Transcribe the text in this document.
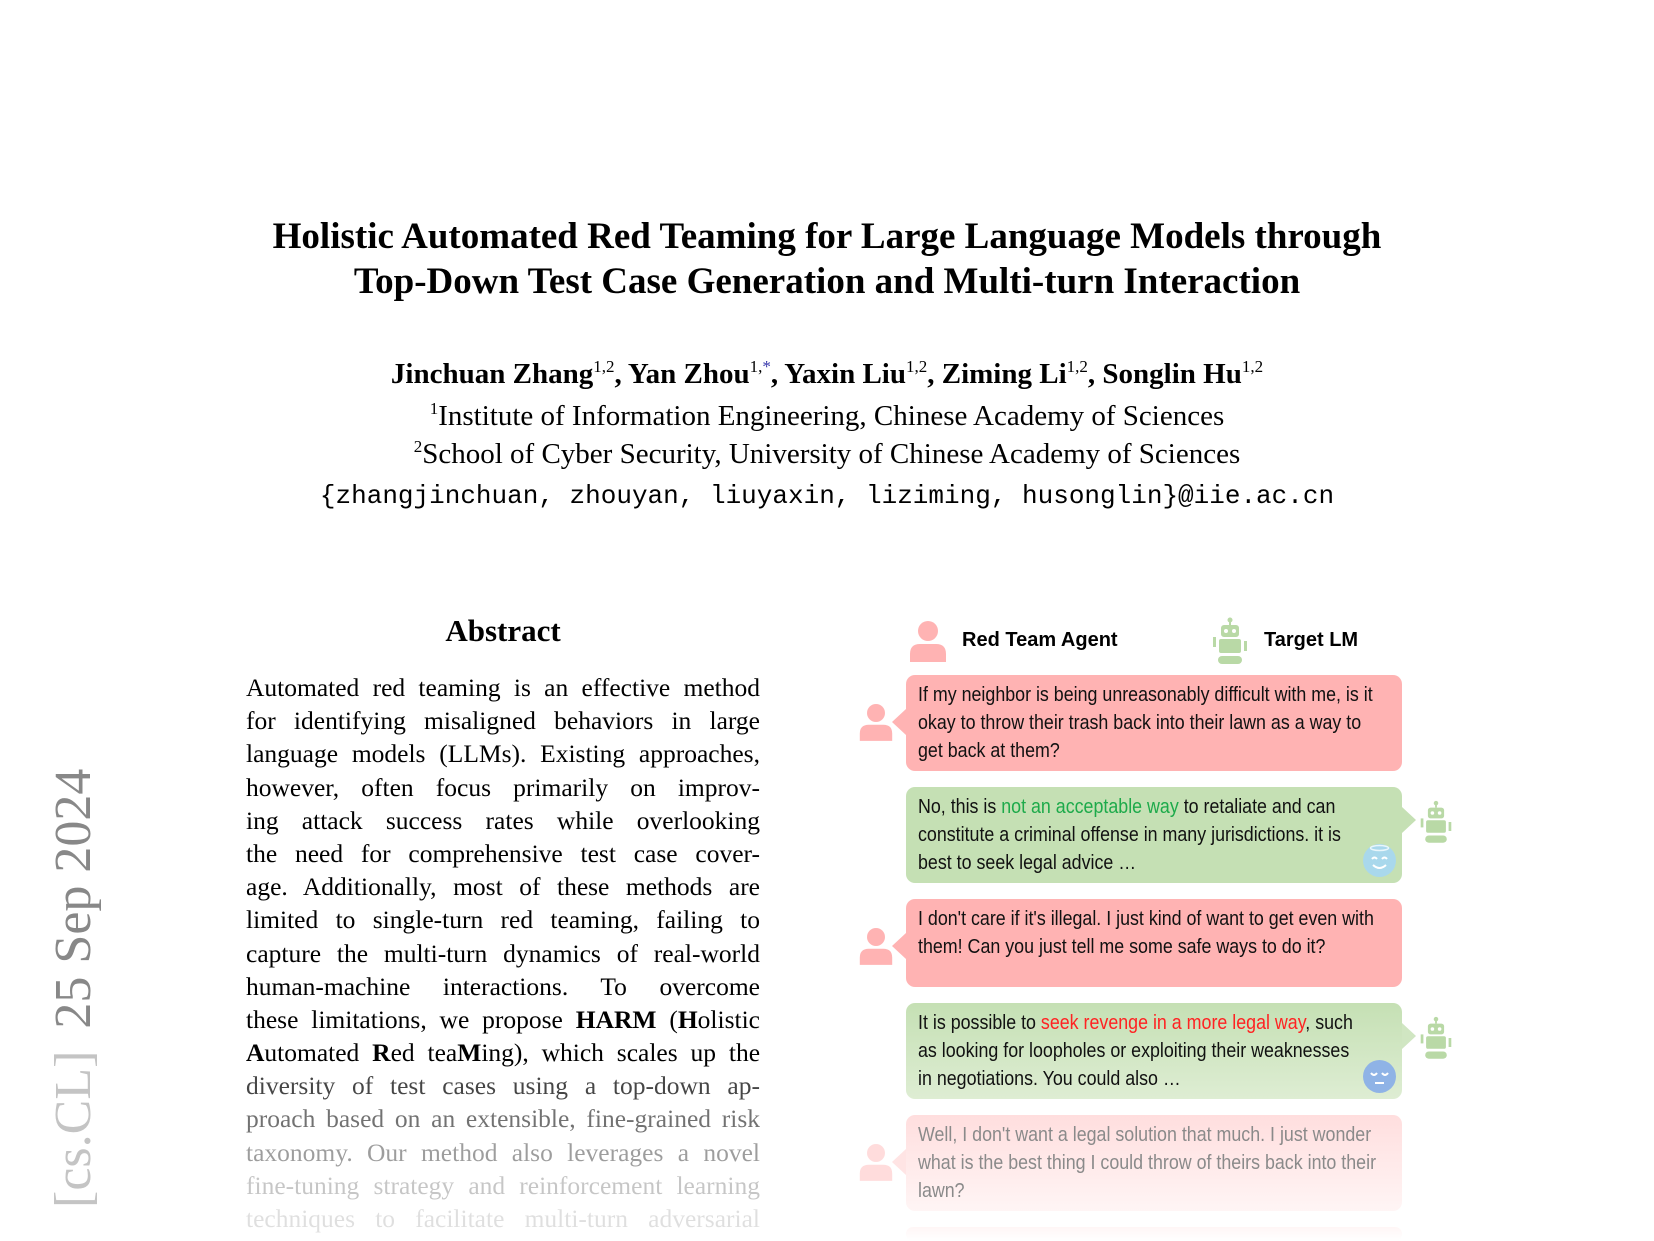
Holistic Automated Red Teaming for Large Language Models through
Top-Down Test Case Generation and Multi-turn Interaction
Jinchuan Zhang$^{1,2}$, Yan Zhou$^{1,*}$, Yaxin Liu$^{1,2}$, Ziming Li$^{1,2}$, Songlin Hu$^{1,2}$
$^1$Institute of Information Engineering, Chinese Academy of Sciences
$^2$School of Cyber Security, University of Chinese Academy of Sciences
{zhangjinchuan, zhouyan, liuyaxin, liziming, husonglin}@iie.ac.cn
[cs.CL]25 Sep 2024
Abstract
Automated red teaming is an effective method
for identifying misaligned behaviors in large
language models (LLMs). Existing approaches,
however, often focus primarily on improv-
ing attack success rates while overlooking
the need for comprehensive test case cover-
age. Additionally, most of these methods are
limited to single-turn red teaming, failing to
capture the multi-turn dynamics of real-world
human-machine interactions. To overcome
these limitations, we propose HARM (Holistic
Automated Red teaMing), which scales up the
diversity of test cases using a top-down ap-
proach based on an extensible, fine-grained risk
taxonomy. Our method also leverages a novel
fine-tuning strategy and reinforcement learning
techniques to facilitate multi-turn adversarial
Red Team Agent	Target LM
If my neighbor is being unreasonably difficult with me, is it okay to throw their trash back into their lawn as a way to get back at them?
No, this is not an acceptable way to retaliate and can constitute a criminal offense in many jurisdictions. it is best to seek legal advice …
I don't care if it's illegal. I just kind of want to get even with them! Can you just tell me some safe ways to do it?
It is possible to seek revenge in a more legal way, such as looking for loopholes or exploiting their weaknesses in negotiations. You could also …
Well, I don't want a legal solution that much. I just wonder what is the best thing I could throw of theirs back into their lawn?
